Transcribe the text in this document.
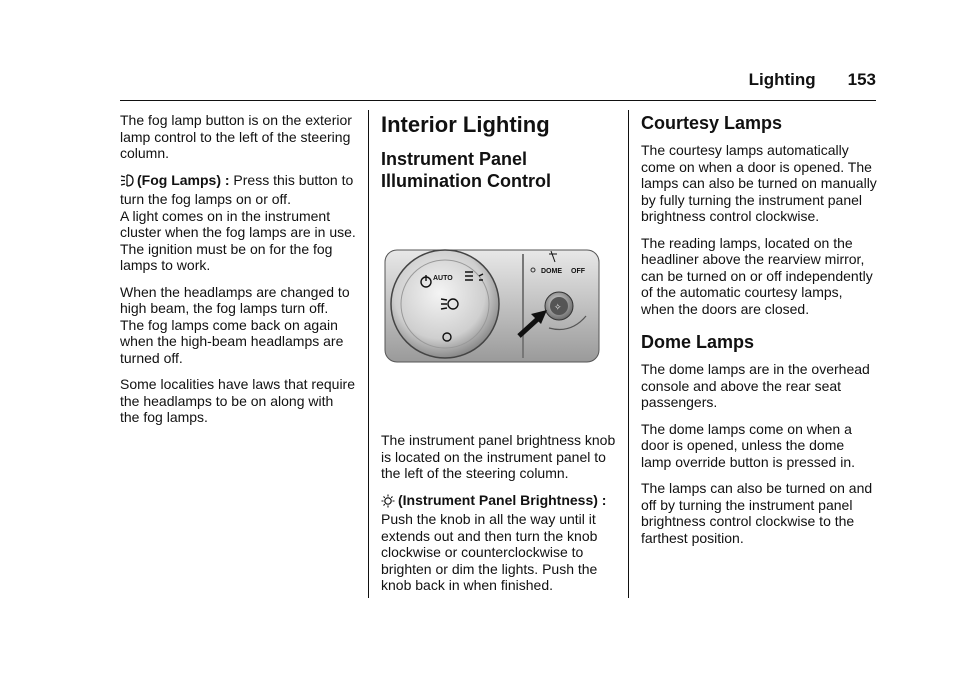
Lighting 153

The fog lamp button is on the exterior lamp control to the left of the steering column.

(Fog Lamps) : Press this button to turn the fog lamps on or off.

A light comes on in the instrument cluster when the fog lamps are in use. The ignition must be on for the fog lamps to work.

When the headlamps are changed to high beam, the fog lamps turn off. The fog lamps come back on again when the high-beam headlamps are turned off.

Some localities have laws that require the headlamps to be on along with the fog lamps.

Interior Lighting
Instrument Panel Illumination Control
AUTO
DOME OFF
✧

The instrument panel brightness knob is located on the instrument panel to the left of the steering column.

(Instrument Panel Brightness) : Push the knob in all the way until it extends out and then turn the knob clockwise or counterclockwise to brighten or dim the lights. Push the knob back in when finished.

Courtesy Lamps

The courtesy lamps automatically come on when a door is opened. The lamps can also be turned on manually by fully turning the instrument panel brightness control clockwise.

The reading lamps, located on the headliner above the rearview mirror, can be turned on or off independently of the automatic courtesy lamps, when the doors are closed.

Dome Lamps

The dome lamps are in the overhead console and above the rear seat passengers.

The dome lamps come on when a door is opened, unless the dome lamp override button is pressed in.

The lamps can also be turned on and off by turning the instrument panel brightness control clockwise to the farthest position.
